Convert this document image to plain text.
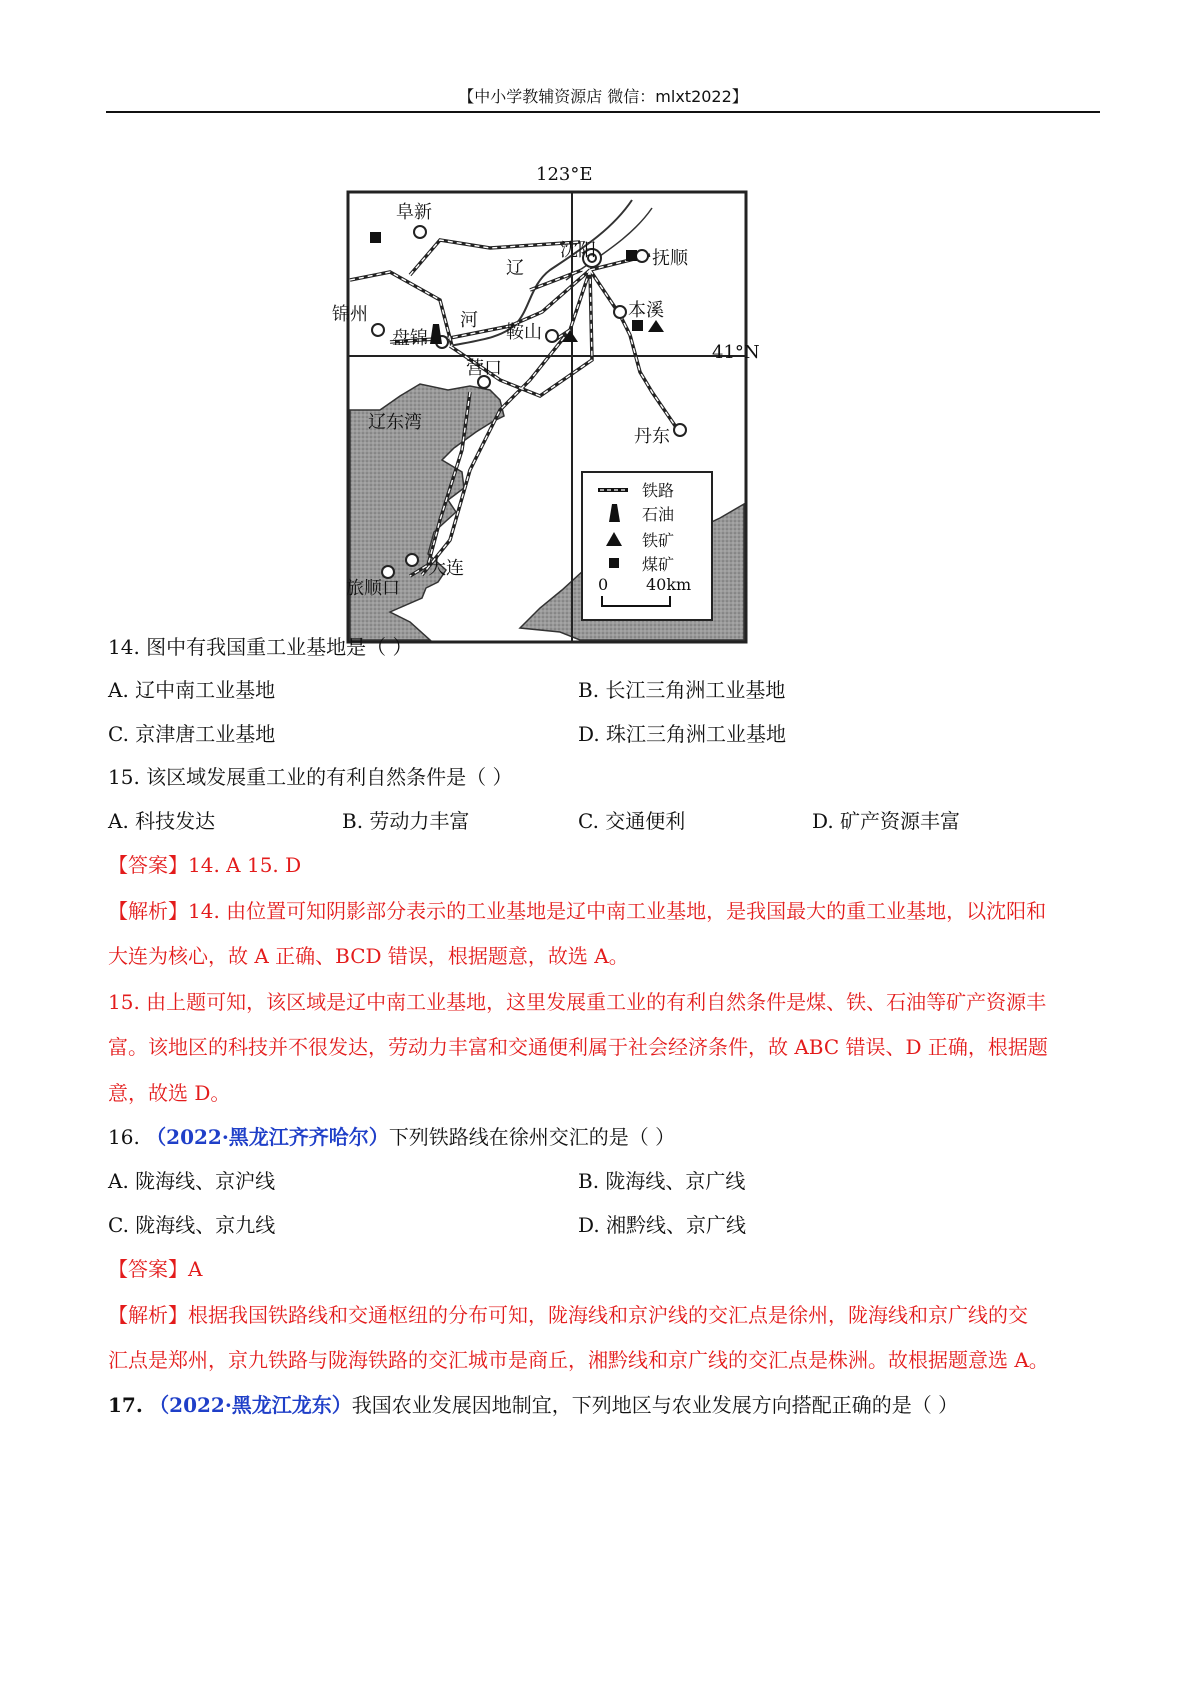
【中小学教辅资源店 微信：mlxt2022】
123°E
41°N
辽东湾
辽
河
阜新
沈阳	抚顺
锦州
盘锦	鞍山
本溪
营口
丹东
大连
旅顺口
铁路
石油
铁矿
煤矿
0 40km
14. 图中有我国重工业基地是（ ）
A. 辽中南工业基地	B. 长江三角洲工业基地
C. 京津唐工业基地	D. 珠江三角洲工业基地
15. 该区域发展重工业的有利自然条件是（ ）
A. 科技发达	B. 劳动力丰富	C. 交通便利	D. 矿产资源丰富
【答案】14. A 15. D
【解析】14. 由位置可知阴影部分表示的工业基地是辽中南工业基地，是我国最大的重工业基地，以沈阳和
大连为核心，故 A 正确、BCD 错误，根据题意，故选 A。
15. 由上题可知，该区域是辽中南工业基地，这里发展重工业的有利自然条件是煤、铁、石油等矿产资源丰
富。该地区的科技并不很发达，劳动力丰富和交通便利属于社会经济条件，故 ABC 错误、D 正确，根据题
意，故选 D。
16. （2022·黑龙江齐齐哈尔）下列铁路线在徐州交汇的是（ ）
A. 陇海线、京沪线	B. 陇海线、京广线
C. 陇海线、京九线	D. 湘黔线、京广线
【答案】A
【解析】根据我国铁路线和交通枢纽的分布可知，陇海线和京沪线的交汇点是徐州，陇海线和京广线的交
汇点是郑州，京九铁路与陇海铁路的交汇城市是商丘，湘黔线和京广线的交汇点是株洲。故根据题意选 A。
17. （2022·黑龙江龙东）我国农业发展因地制宜，下列地区与农业发展方向搭配正确的是（ ）
